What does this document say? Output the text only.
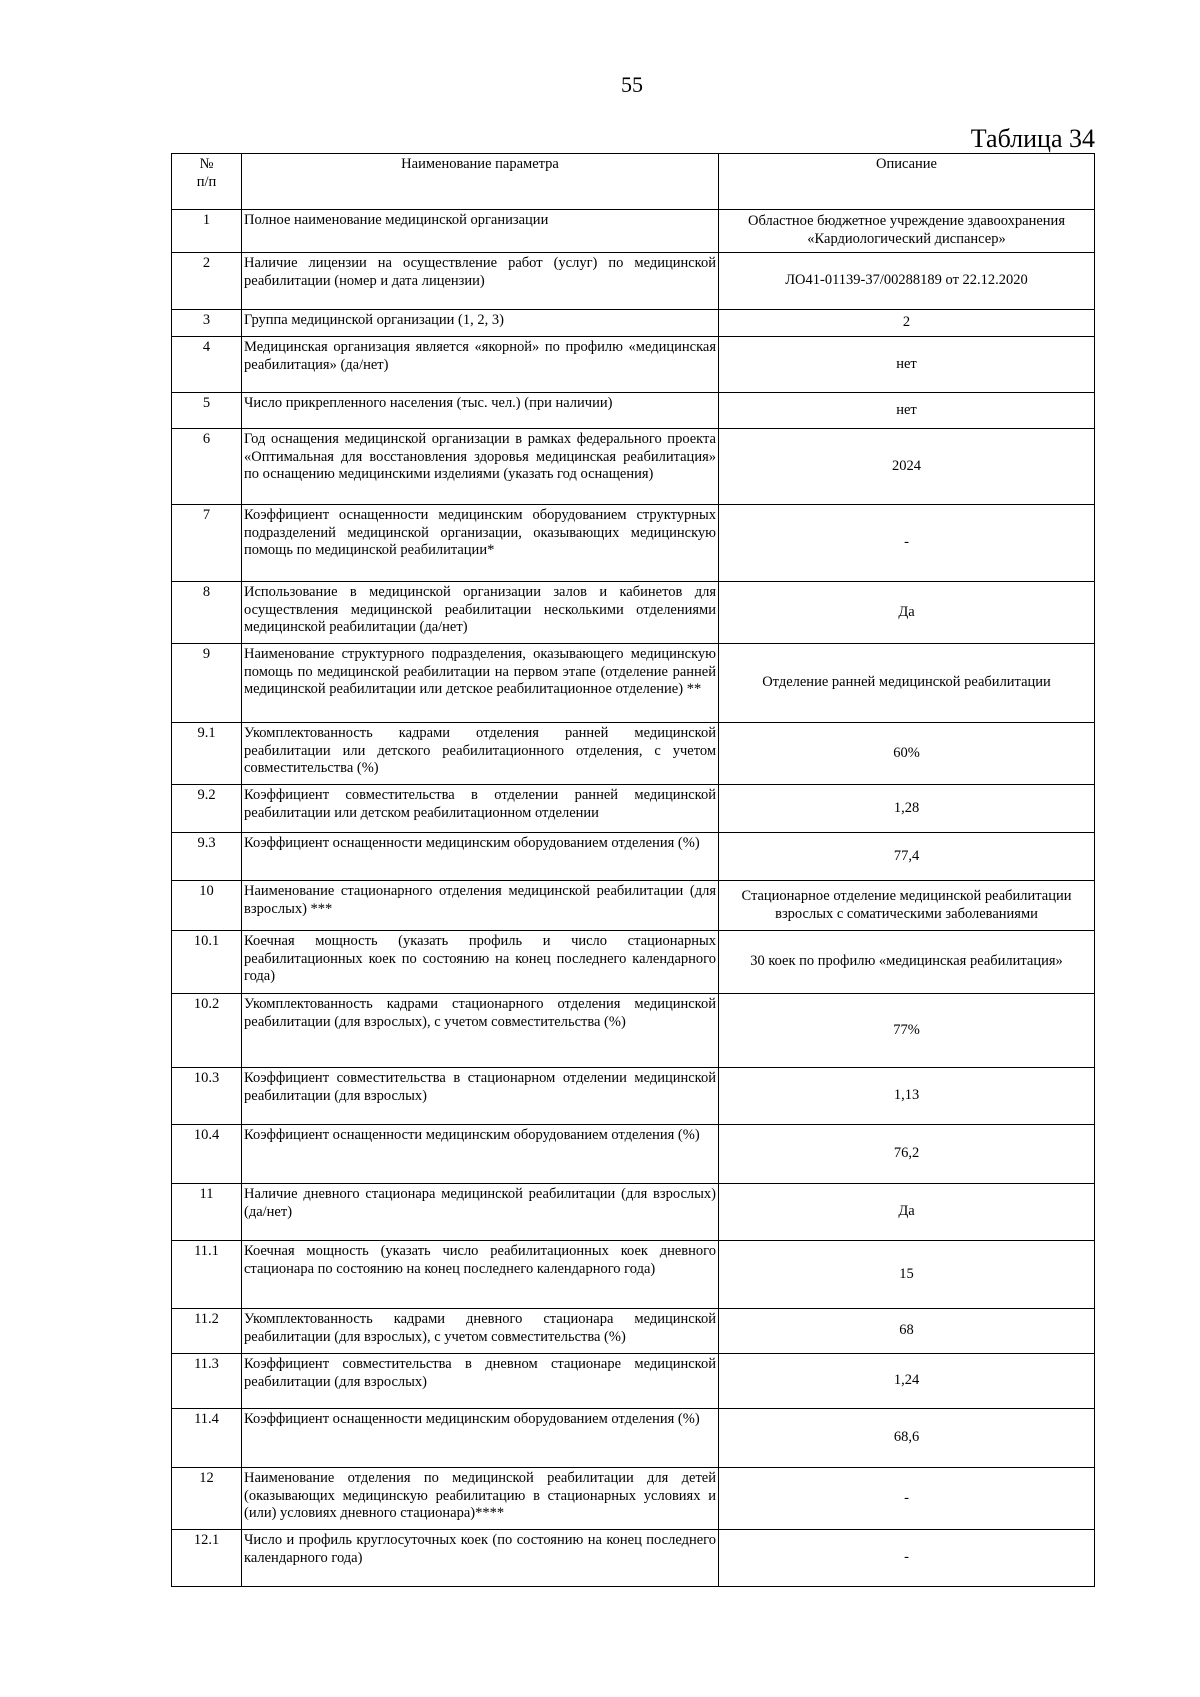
55
Таблица 34
№
п/п	Наименование параметра	Описание
1	Полное наименование медицинской организации	Областное бюджетное учреждение здавоохранения «Кардиологический диспансер»
2	Наличие лицензии на осуществление работ (услуг) по медицинской реабилитации (номер и дата лицензии)	ЛО41-01139-37/00288189 от 22.12.2020
3	Группа медицинской организации (1, 2, 3)	2
4	Медицинская организация является «якорной» по профилю «медицинская реабилитация» (да/нет)	нет
5	Число прикрепленного населения (тыс. чел.) (при наличии)	нет
6	Год оснащения медицинской организации в рамках федерального проекта «Оптимальная для восстановления здоровья медицинская реабилитация» по оснащению медицинскими изделиями (указать год оснащения)	2024
7	Коэффициент оснащенности медицинским оборудованием структурных подразделений медицинской организации, оказывающих медицинскую помощь по медицинской реабилитации*	-
8	Использование в медицинской организации залов и кабинетов для осуществления медицинской реабилитации несколькими отделениями медицинской реабилитации (да/нет)	Да
9	Наименование структурного подразделения, оказывающего медицинскую помощь по медицинской реабилитации на первом этапе (отделение ранней медицинской реабилитации или детское реабилитационное отделение) **	Отделение ранней медицинской реабилитации
9.1	Укомплектованность кадрами отделения ранней медицинской реабилитации или детского реабилитационного отделения, с учетом совместительства (%)	60%
9.2	Коэффициент совместительства в отделении ранней медицинской реабилитации или детском реабилитационном отделении	1,28
9.3	Коэффициент оснащенности медицинским оборудованием отделения (%)	77,4
10	Наименование стационарного отделения медицинской реабилитации (для взрослых) ***	Стационарное отделение медицинской реабилитации взрослых с соматическими заболеваниями
10.1	Коечная мощность (указать профиль и число стационарных реабилитационных коек по состоянию на конец последнего календарного года)	30 коек по профилю «медицинская реабилитация»
10.2	Укомплектованность кадрами стационарного отделения медицинской реабилитации (для взрослых), с учетом совместительства (%)	77%
10.3	Коэффициент совместительства в стационарном отделении медицинской реабилитации (для взрослых)	1,13
10.4	Коэффициент оснащенности медицинским оборудованием отделения (%)	76,2
11	Наличие дневного стационара медицинской реабилитации (для взрослых) (да/нет)	Да
11.1	Коечная мощность (указать число реабилитационных коек дневного стационара по состоянию на конец последнего календарного года)	15
11.2	Укомплектованность кадрами дневного стационара медицинской реабилитации (для взрослых), с учетом совместительства (%)	68
11.3	Коэффициент совместительства в дневном стационаре медицинской реабилитации (для взрослых)	1,24
11.4	Коэффициент оснащенности медицинским оборудованием отделения (%)	68,6
12	Наименование отделения по медицинской реабилитации для детей (оказывающих медицинскую реабилитацию в стационарных условиях и (или) условиях дневного стационара)****	-
12.1	Число и профиль круглосуточных коек (по состоянию на конец последнего календарного года)	-
